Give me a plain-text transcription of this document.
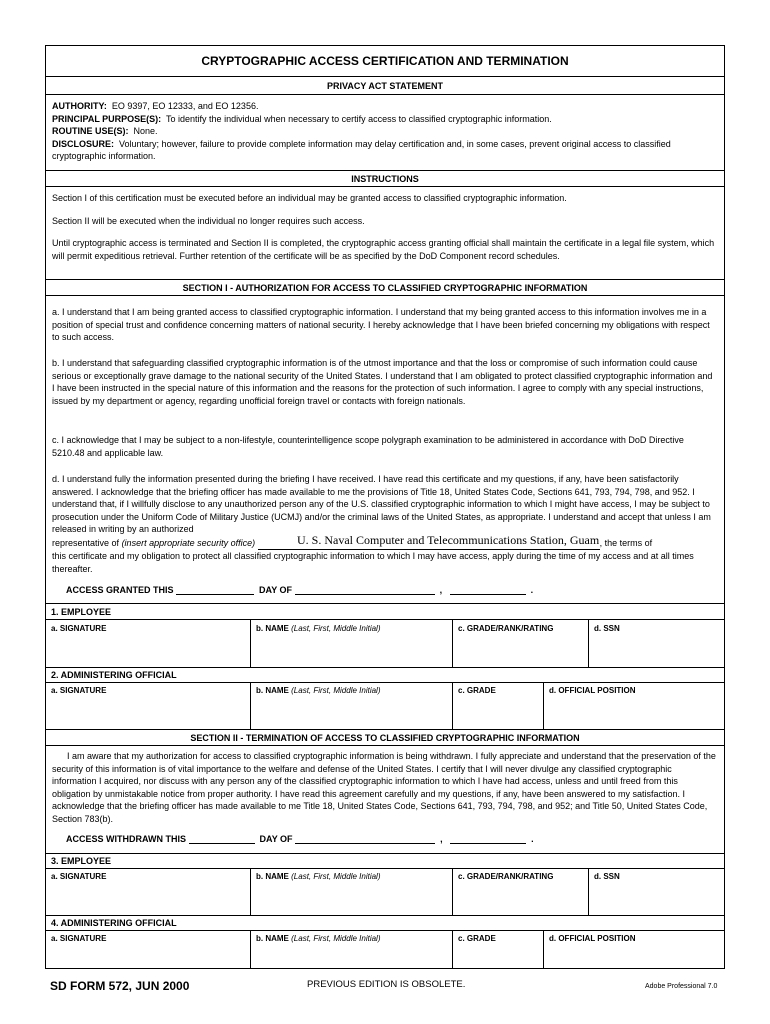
CRYPTOGRAPHIC ACCESS CERTIFICATION AND TERMINATION
PRIVACY ACT STATEMENT
AUTHORITY: EO 9397, EO 12333, and EO 12356.
PRINCIPAL PURPOSE(S): To identify the individual when necessary to certify access to classified cryptographic information.
ROUTINE USE(S): None.
DISCLOSURE: Voluntary; however, failure to provide complete information may delay certification and, in some cases, prevent original access to classified cryptographic information.
INSTRUCTIONS
Section I of this certification must be executed before an individual may be granted access to classified cryptographic information.
Section II will be executed when the individual no longer requires such access.
Until cryptographic access is terminated and Section II is completed, the cryptographic access granting official shall maintain the certificate in a legal file system, which will permit expeditious retrieval. Further retention of the certificate will be as specified by the DoD Component record schedules.
SECTION I - AUTHORIZATION FOR ACCESS TO CLASSIFIED CRYPTOGRAPHIC INFORMATION
a. I understand that I am being granted access to classified cryptographic information. I understand that my being granted access to this information involves me in a position of special trust and confidence concerning matters of national security. I hereby acknowledge that I have been briefed concerning my obligations with respect to such access.
b. I understand that safeguarding classified cryptographic information is of the utmost importance and that the loss or compromise of such information could cause serious or exceptionally grave damage to the national security of the United States. I understand that I am obligated to protect classified cryptographic information and I have been instructed in the special nature of this information and the reasons for the protection of such information. I agree to comply with any special instructions, issued by my department or agency, regarding unofficial foreign travel or contacts with foreign nationals.
c. I acknowledge that I may be subject to a non-lifestyle, counterintelligence scope polygraph examination to be administered in accordance with DoD Directive 5210.48 and applicable law.
d. I understand fully the information presented during the briefing I have received. I have read this certificate and my questions, if any, have been satisfactorily answered. I acknowledge that the briefing officer has made available to me the provisions of Title 18, United States Code, Sections 641, 793, 794, 798, and 952. I understand that, if I willfully disclose to any unauthorized person any of the U.S. classified cryptographic information to which I might have access, I may be subject to prosecution under the Uniform Code of Military Justice (UCMJ) and/or the criminal laws of the United States, as appropriate. I understand and accept that unless I am released in writing by an authorized
representative of (insert appropriate security office)	, the terms of
U. S. Naval Computer and Telecommunications Station, Guam
this certificate and my obligation to protect all classified cryptographic information to which I may have access, apply during the time of my access and at all times thereafter.
ACCESS GRANTED THIS	DAY OF	,	.
1. EMPLOYEE
a. SIGNATURE	b. NAME (Last, First, Middle Initial)	c. GRADE/RANK/RATING	d. SSN
2. ADMINISTERING OFFICIAL
a. SIGNATURE	b. NAME (Last, First, Middle Initial)	c. GRADE	d. OFFICIAL POSITION
SECTION II - TERMINATION OF ACCESS TO CLASSIFIED CRYPTOGRAPHIC INFORMATION
I am aware that my authorization for access to classified cryptographic information is being withdrawn. I fully appreciate and understand that the preservation of the security of this information is of vital importance to the welfare and defense of the United States. I certify that I will never divulge any classified cryptographic information I acquired, nor discuss with any person any of the classified cryptographic information to which I have had access, unless and until freed from this obligation by unmistakable notice from proper authority. I have read this agreement carefully and my questions, if any, have been answered to my satisfaction. I acknowledge that the briefing officer has made available to me Title 18, United States Code, Sections 641, 793, 794, 798, and 952; and Title 50, United States Code, Section 783(b).
ACCESS WITHDRAWN THIS	DAY OF	,	.
3. EMPLOYEE
a. SIGNATURE	b. NAME (Last, First, Middle Initial)	c. GRADE/RANK/RATING	d. SSN
4. ADMINISTERING OFFICIAL
a. SIGNATURE	b. NAME (Last, First, Middle Initial)	c. GRADE	d. OFFICIAL POSITION
SD FORM 572, JUN 2000	PREVIOUS EDITION IS OBSOLETE.	Adobe Professional 7.0
